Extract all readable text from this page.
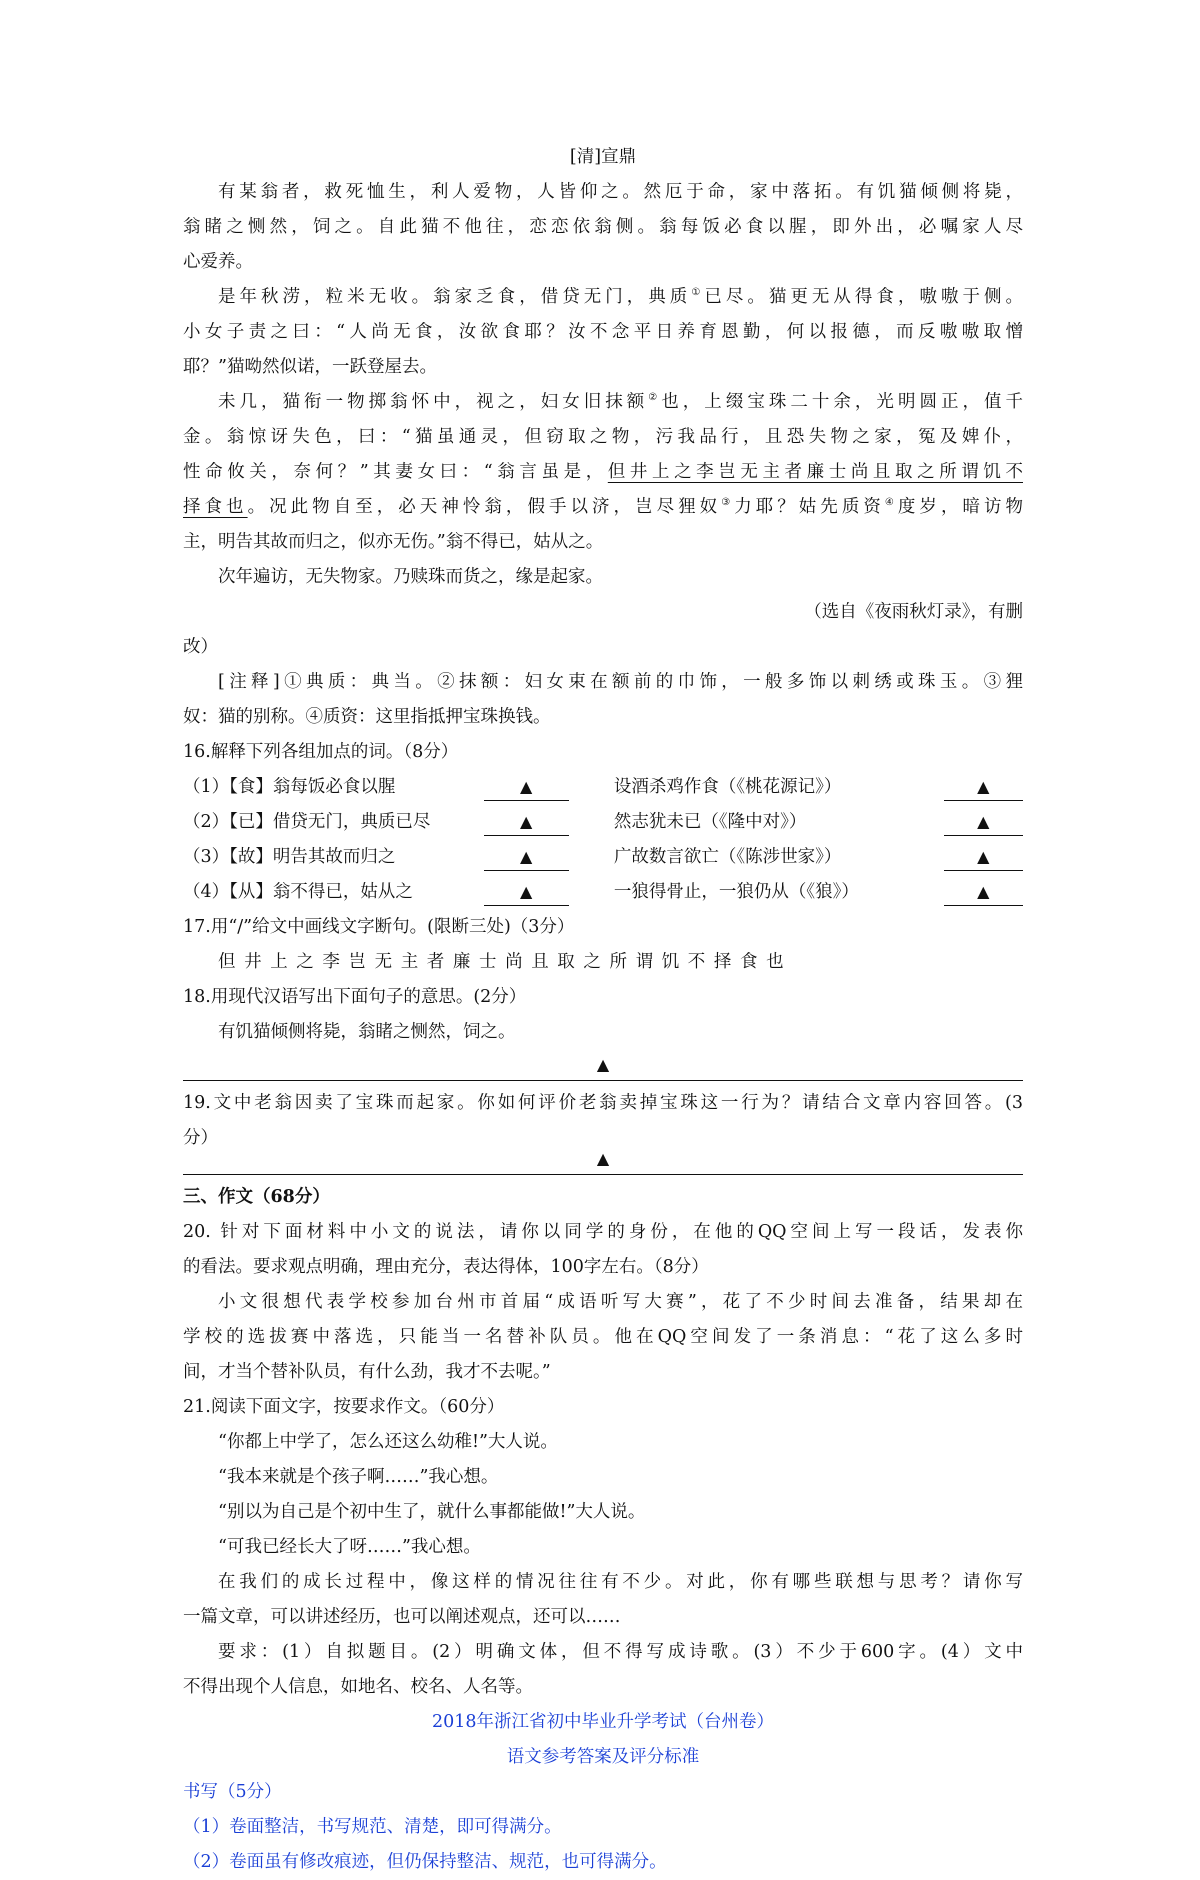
[清]宣鼎
有某翁者，救死恤生，利人爱物，人皆仰之。然厄于命，家中落拓。有饥猫倾侧将毙，
翁睹之恻然，饲之。自此猫不他往，恋恋依翁侧。翁每饭必食以腥，即外出，必嘱家人尽
心爱养。
是年秋涝，粒米无收。翁家乏食，借贷无门，典质①已尽。猫更无从得食，嗷嗷于侧。
小女子责之曰：“人尚无食，汝欲食耶？汝不念平日养育恩勤，何以报德，而反嗷嗷取憎
耶？”猫呦然似诺，一跃登屋去。
未几，猫衔一物掷翁怀中，视之，妇女旧抹额②也，上缀宝珠二十余，光明圆正，值千
金。翁惊讶失色，曰：“猫虽通灵，但窃取之物，污我品行，且恐失物之家，冤及婢仆，
性命攸关，奈何？”其妻女曰：“翁言虽是，但井上之李岂无主者廉士尚且取之所谓饥不
择食也。况此物自至，必天神怜翁，假手以济，岂尽狸奴③力耶？姑先质资④度岁，暗访物
主，明告其故而归之，似亦无伤。”翁不得已，姑从之。
次年遍访，无失物家。乃赎珠而货之，缘是起家。
（选自《夜雨秋灯录》，有删
改）
[注释]①典质：典当。②抹额：妇女束在额前的巾饰，一般多饰以刺绣或珠玉。③狸
奴：猫的别称。④质资：这里指抵押宝珠换钱。
16.解释下列各组加点的词。（8分）
（1）【食】翁每饭必食以腥	▲	设酒杀鸡作食（《桃花源记》）	▲
（2）【已】借贷无门，典质已尽	▲	然志犹未已（《隆中对》）	▲
（3）【故】明告其故而归之	▲	广故数言欲亡（《陈涉世家》）	▲
（4）【从】翁不得已，姑从之	▲	一狼得骨止，一狼仍从（《狼》）	▲
17.用“/”给文中画线文字断句。(限断三处)（3分）
但井上之李岂无主者廉士尚且取之所谓饥不择食也
18.用现代汉语写出下面句子的意思。(2分）
有饥猫倾侧将毙，翁睹之恻然，饲之。
▲
19.文中老翁因卖了宝珠而起家。你如何评价老翁卖掉宝珠这一行为？请结合文章内容回答。(3
分）
▲
三、作文（68分）
20. 针对下面材料中小文的说法，请你以同学的身份，在他的QQ空间上写一段话，发表你
的看法。要求观点明确，理由充分，表达得体，100字左右。（8分）
小文很想代表学校参加台州市首届“成语听写大赛”，花了不少时间去准备，结果却在
学校的选拔赛中落选，只能当一名替补队员。他在QQ空间发了一条消息：“花了这么多时
间，才当个替补队员，有什么劲，我才不去呢。”
21.阅读下面文字，按要求作文。（60分）
“你都上中学了，怎么还这么幼稚!”大人说。
“我本来就是个孩子啊……”我心想。
“别以为自己是个初中生了，就什么事都能做!”大人说。
“可我已经长大了呀……”我心想。
在我们的成长过程中，像这样的情况往往有不少。对此，你有哪些联想与思考？请你写
一篇文章，可以讲述经历，也可以阐述观点，还可以……
要求：(1）自拟题目。(2）明确文体，但不得写成诗歌。(3）不少于600字。(4）文中
不得出现个人信息，如地名、校名、人名等。
2018年浙江省初中毕业升学考试（台州卷）
语文参考答案及评分标准
书写（5分）
（1）卷面整洁，书写规范、清楚，即可得满分。
（2）卷面虽有修改痕迹，但仍保持整洁、规范，也可得满分。
